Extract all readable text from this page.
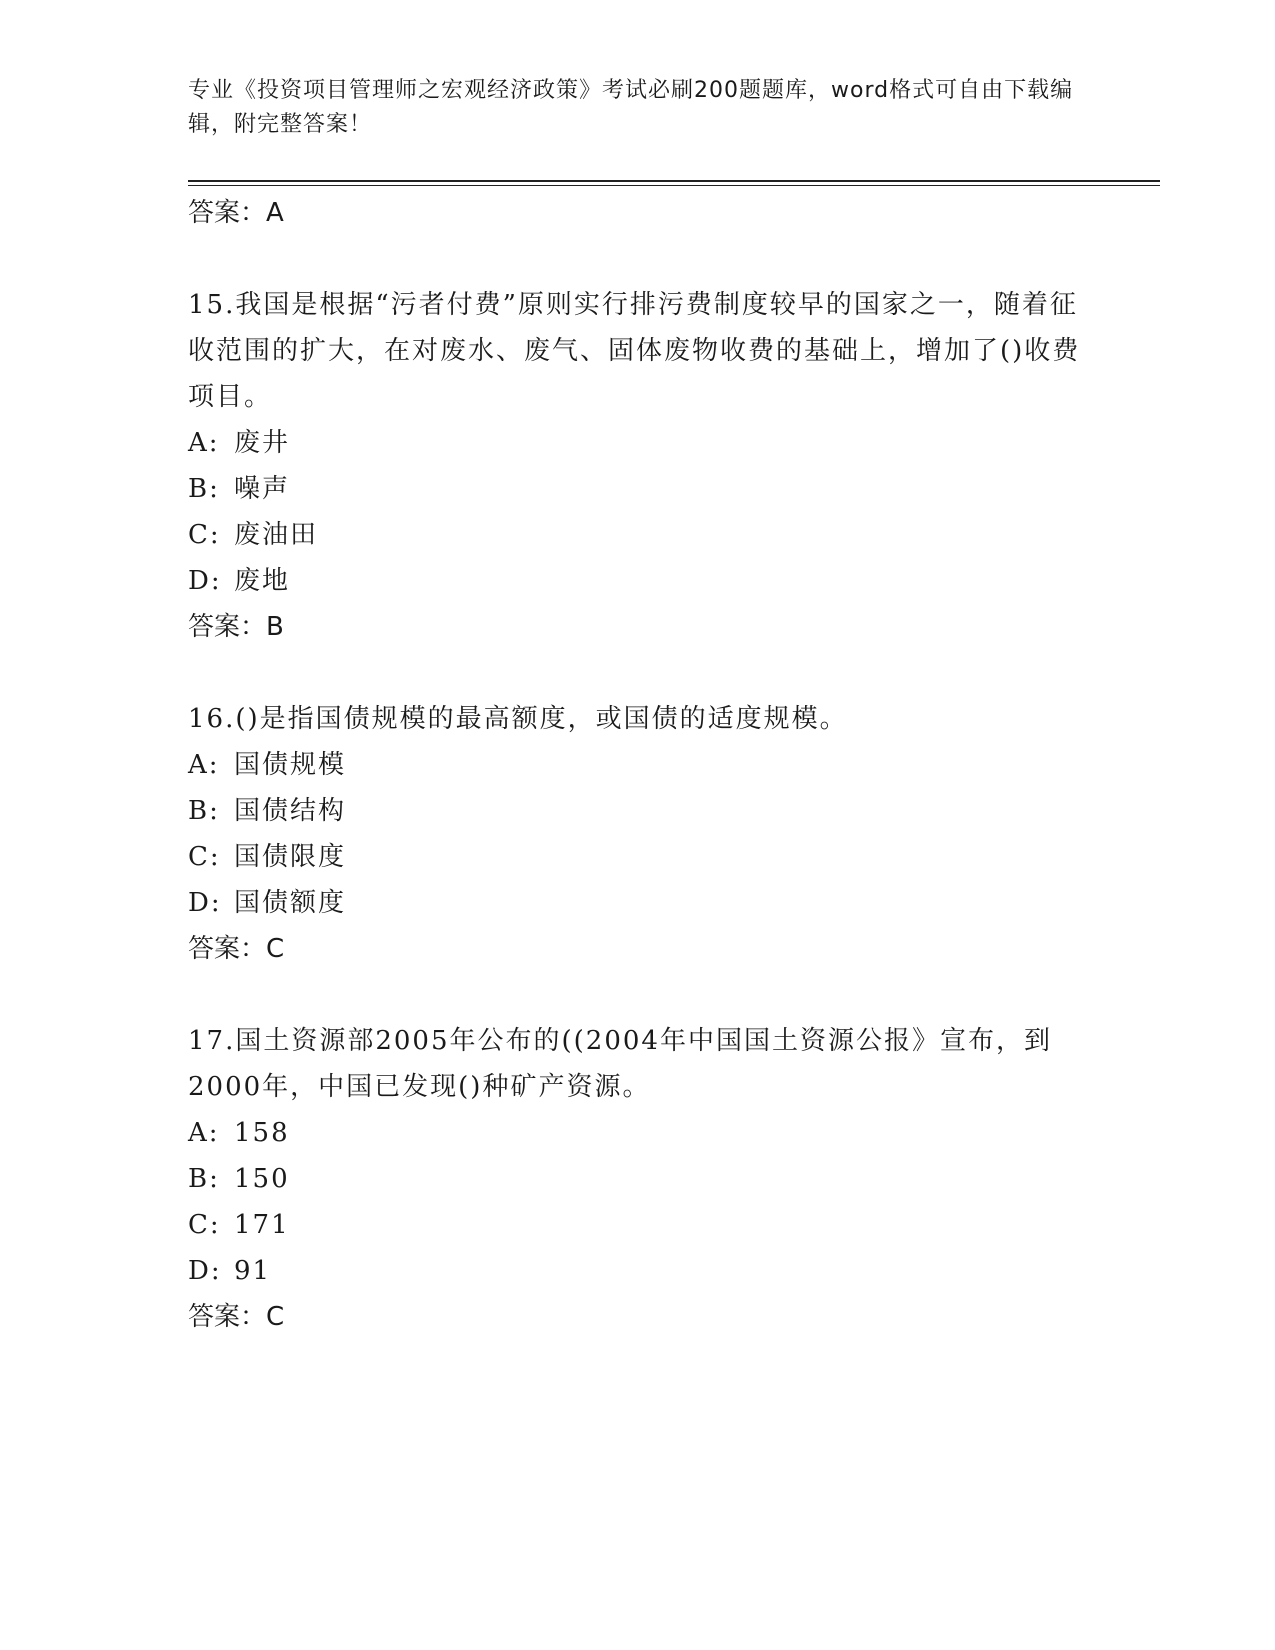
专业《投资项目管理师之宏观经济政策》考试必刷200题题库，word格式可自由下载编辑，附完整答案！
答案：A
15.我国是根据“污者付费”原则实行排污费制度较早的国家之一，随着征收范围的扩大，在对废水、废气、固体废物收费的基础上，增加了()收费项目。
A: 废井
B: 噪声
C: 废油田
D: 废地
答案：B
16.()是指国债规模的最高额度，或国债的适度规模。
A: 国债规模
B: 国债结构
C: 国债限度
D: 国债额度
答案：C
17.国土资源部2005年公布的((2004年中国国土资源公报》宣布，到2000年，中国已发现()种矿产资源。
A: 158
B: 150
C: 171
D: 91
答案：C
